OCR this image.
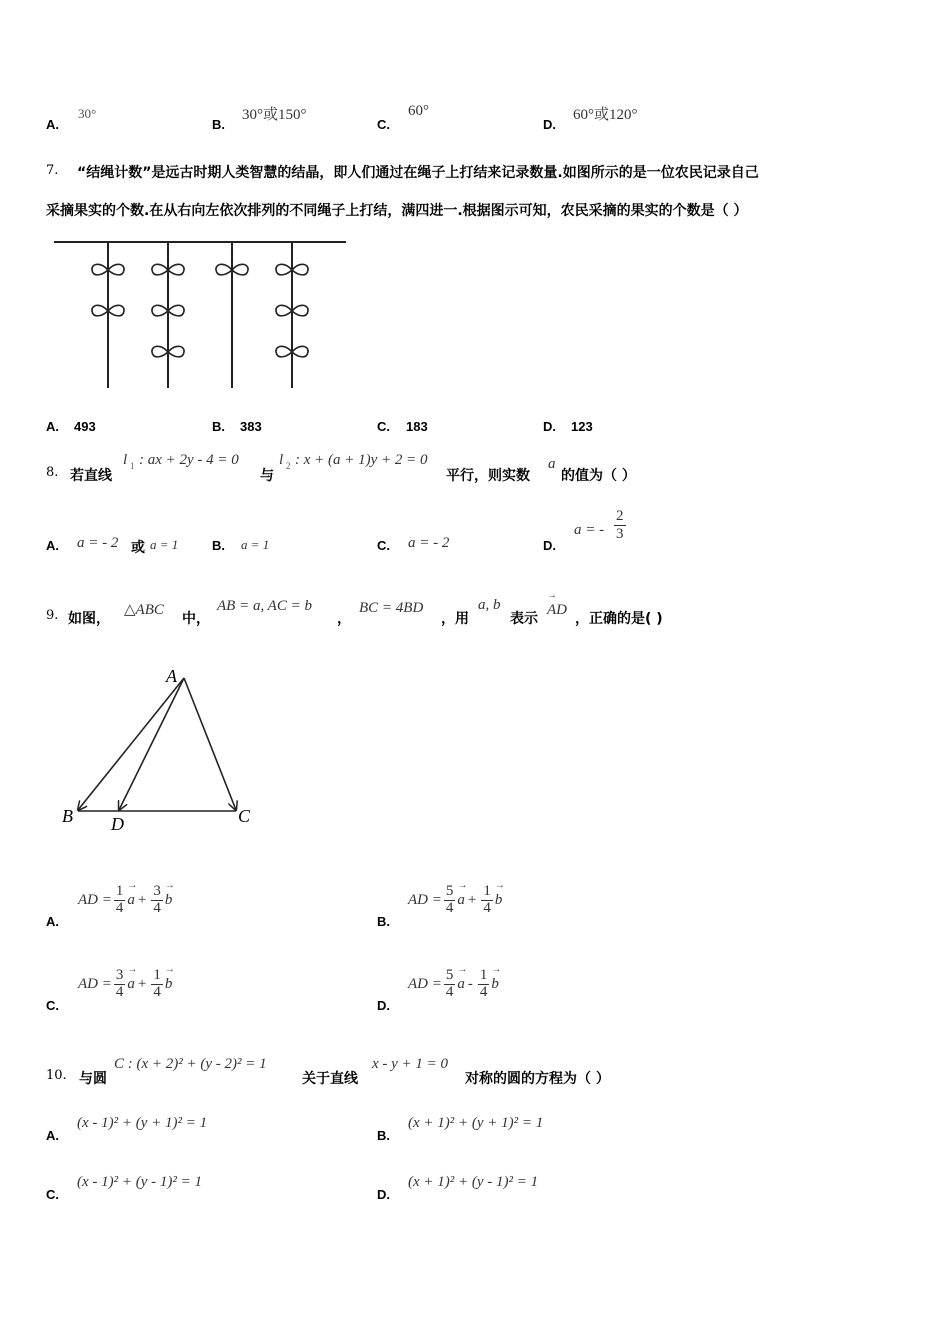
A.
30°
B.
30°或150°
C.
60°
D.
60°或120°
7. “结绳计数”是远古时期人类智慧的结晶，即人们通过在绳子上打结来记录数量.如图所示的是一位农民记录自己
采摘果实的个数.在从右向左依次排列的不同绳子上打结，满四进一.根据图示可知，农民采摘的果实的个数是（ ）
A. 493	B. 383	C. 183	D. 123
8. 若直线
l 1 : ax + 2y - 4 = 0
与
l 2 : x + (a + 1)y + 2 = 0
平行，则实数
a
的值为（ ）
A. a = - 2 或 a = 1	B. a = 1	C. a = - 2	D.
a = - $\frac{2}{3}$
9. 如图，
△ABC
中，
AB = a, AC = b
，
BC = 4BD
，用
a, b
表示
→ AD
，正确的是( )
A
B D	C
A.
AD = $\frac{1}{4}$
→ $a + \frac{3}{4}$
→ b
B.
AD = $\frac{5}{4}$
→ $a + \frac{1}{4}$
→ b
C.
AD = $\frac{3}{4}$
→ $a + \frac{1}{4}$
→ b
D.
AD = $\frac{5}{4}$
→ a - $\frac{1}{4}$
→ b
10. 与圆
C : (x + 2)² + (y - 2)² = 1
关于直线
x - y + 1 = 0
对称的圆的方程为（ ）
A.
(x - 1)² + (y + 1)² = 1
B.
(x + 1)² + (y + 1)² = 1
C.
(x - 1)² + (y - 1)² = 1
D.
(x + 1)² + (y - 1)² = 1
